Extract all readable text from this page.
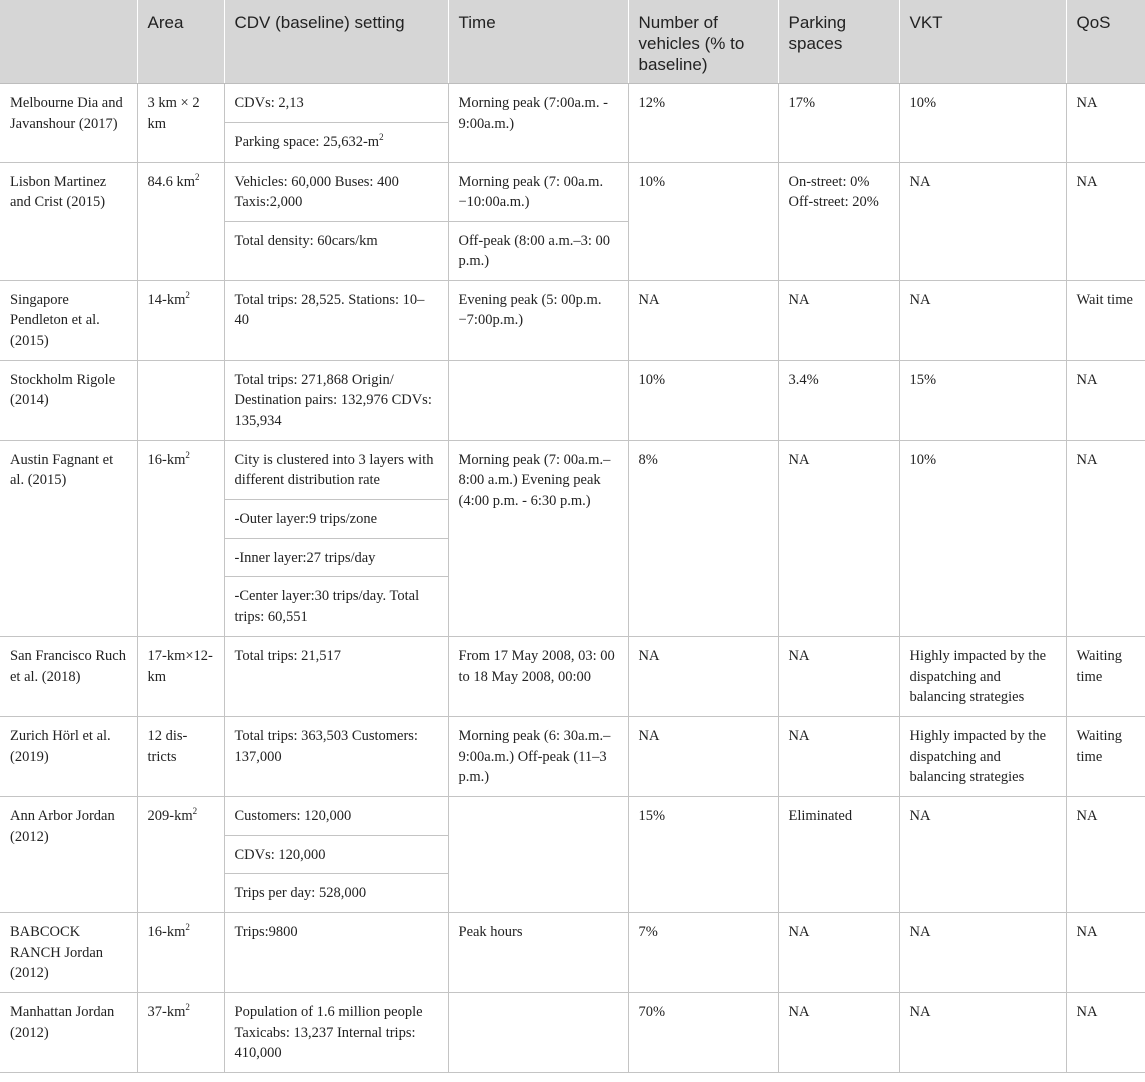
	Area	CDV (baseline) setting	Time	Number of vehicles (% to baseline)	Parking spaces	VKT	QoS
Melbourne Dia and Javanshour (2017)	3 km × 2 km	CDVs: 2,13	Morning peak (7:00a.m. - 9:00a.m.)	12%	17%	10%	NA
		Parking space: $25,632-m^2$
Lisbon Martinez and Crist (2015)	84.6 $km^2$	Vehicles: 60,000 Buses: 400 Taxis:2,000	Morning peak (7: 00a.m. −10:00a.m.)	10%	On-street: 0% Off-street: 20%	NA	NA
		Total density: 60cars/km	Off-peak (8:00 a.m.–3: 00 p.m.)				
Singapore Pendleton et al. (2015)	$14-km^2$	Total trips: 28,525. Stations: 10–40	Evening peak (5: 00p.m. −7:00p.m.)	NA	NA	NA	Wait time
Stockholm Rigole (2014)		Total trips: 271,868 Origin/ Destination pairs: 132,976 CDVs: 135,934		10%	3.4%	15%	NA
Austin Fagnant et al. (2015)	$16-km^2$	City is clustered into 3 layers with different distribution rate	Morning peak (7: 00a.m.–8:00 a.m.) Evening peak (4:00 p.m. - 6:30 p.m.)	8%	NA	10%	NA
		-Outer layer:9 trips/zone					
		-Inner layer:27 trips/day					
		-Center layer:30 trips/day. Total trips: 60,551					
San Francisco Ruch et al. (2018)	17-km×12-km	Total trips: 21,517	From 17 May 2008, 03: 00 to 18 May 2008, 00:00	NA	NA	Highly impacted by the dispatching and balancing strategies	Waiting time
Zurich Hörl et al. (2019)	12 dis-tricts	Total trips: 363,503 Customers: 137,000	Morning peak (6: 30a.m.–9:00a.m.) Off-peak (11–3 p.m.)	NA	NA	Highly impacted by the dispatching and balancing strategies	Waiting time
Ann Arbor Jordan (2012)	$209-km^2$	Customers: 120,000		15%	Eliminated	NA	NA
		CDVs: 120,000					
		Trips per day: 528,000					
BABCOCK RANCH Jordan (2012)	$16-km^2$	Trips:9800	Peak hours	7%	NA	NA	NA
Manhattan Jordan (2012)	$37-km^2$	Population of 1.6 million people Taxicabs: 13,237 Internal trips: 410,000		70%	NA	NA	NA
